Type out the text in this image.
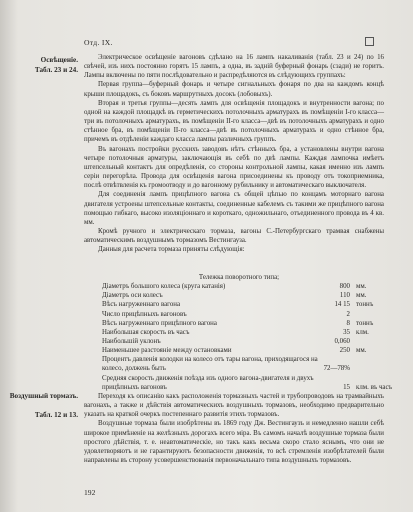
Отд. IX.
Освѣщеніе.
Табл. 23 и 24.
Воздушный тормазъ.
Табл. 12 и 13.

Электрическое освѣщеніе вагоновъ сдѣлано на 16 лампъ накаливанія (табл. 23 и 24) по 16 свѣчей, изъ нихъ постоянно горятъ 15 лампъ, а одна, въ задній буферный фонарь (сзади) не горитъ. Лампы включены по пяти послѣдовательно и распредѣляются въ слѣдующихъ группахъ:

Первая группа—буферный фонарь и четыре сигнальныхъ фонаря по два на каждомъ концѣ крыши площадокъ, съ боковъ маршрутныхъ досокъ (лобовыхъ).

Вторая и третья группы—десять лампъ для освѣщенія площадокъ и внутренности вагона; по одной на каждой площадкѣ въ герметическихъ потолочныхъ арматурахъ въ помѣщеніи I-го класса—три въ потолочныхъ арматурахъ, въ помѣщеніи II-го класса—двѣ въ потолочныхъ арматурахъ и одно стѣнное бра, въ помѣщеніи II-го класса—двѣ въ потолочныхъ арматурахъ и одно стѣнное бра, причемъ въ отдѣленіи каждаго класса лампы различныхъ группъ.

Въ вагонахъ постройки русскихъ заводовъ нѣтъ стѣнныхъ бра, а установлены внутри вагона четыре потолочныя арматуры, заключающія въ себѣ по двѣ лампы. Каждая лампочка имѣетъ штепсельный контактъ для опредѣленія, со стороны контрольной лампы, какая именно изъ лампъ серіи перегорѣла. Провода для освѣщенія вагона присоединены къ проводу отъ токоприемника, послѣ отвѣтвленія къ громоотводу и до вагонному рубильнику и автоматическаго выключателя.

Для соединенія лампъ прицѣпного вагона съ общей цѣпью по концамъ моторнаго вагона двигателя устроены штепсельные контакты, соединенные кабелемъ съ такими же прицѣпного вагона помощью гибкаго, высоко изоляціоннаго и короткаго, одножильнаго, отъединенного провода въ 4 кв. мм.

Кромѣ ручного и электрическаго тормаза, вагоны С.-Петербургскаго трамвая снабжены автоматическимъ воздушнымъ тормазомъ Вестингауза.

Данныя для расчета тормаза приняты слѣдующія:

Тележка поворотного типа;
Діаметръ большого колеса (круга катанія)	800 мм.
Діаметръ оси колесъ	110 мм.
Вѣсъ нагруженнаго вагона	14 15 тоннъ
Число прицѣпныхъ вагоновъ	2
Вѣсъ нагруженнаго прицѣпного вагона	8 тоннъ
Наибольшая скорость въ часъ	35 клм.
Наибольшій уклонъ	0,060
Наименьшее разстояніе между остановками	250 мм.
Процентъ давленія колодки на колесо отъ тары вагона, приходящагося на колесо, должень быть	72—78%
Средняя скорость движенія поѣзда изъ одного вагона-двигателя и двухъ прицѣпныхъ вагоновъ	15 клм. въ часъ

Переходя къ описанію какъ расположенія тормазныхъ частей и трубопроводовъ на трамвайныхъ вагонахъ, а также и дѣйствія автоматическихъ воздушныхъ тормазовъ, необходимо предварительно указать на краткой очеркъ постепеннаго развитія этихъ тормазовъ.

Воздушные тормаза были изобрѣтены въ 1869 году Дж. Вестингаузъ и немедленно нашли себѣ широкое примѣненіе на желѣзныхъ дорогахъ всего міра. Въ самомъ началѣ воздушные тормаза были простого дѣйствія, т. е. неавтоматическіе, но такъ какъ весьма скоро стало яснымъ, что они не удовлетворяютъ и не гарантируютъ безопасности движенія, то всѣ стремленія изобрѣтателей были направлены въ сторону усовершенствованія первоначальнаго типа воздушныхъ тормазовъ.

192
